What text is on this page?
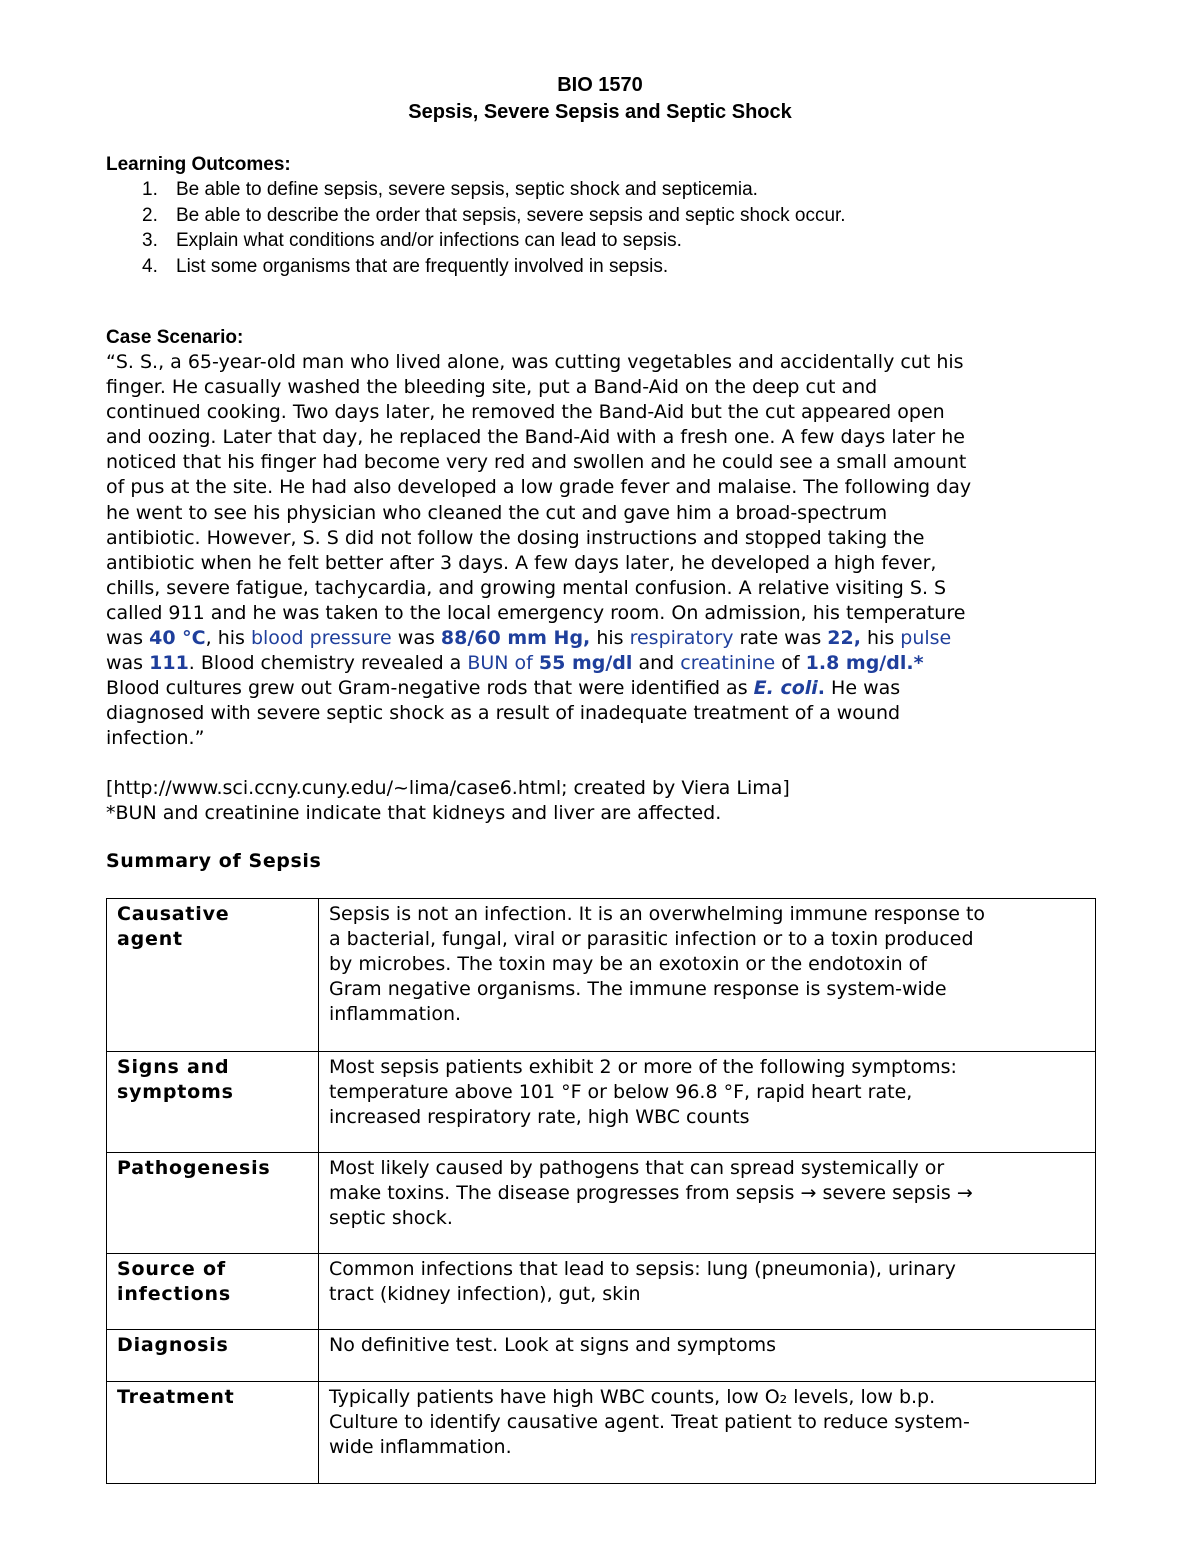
BIO 1570
Sepsis, Severe Sepsis and Septic Shock
Learning Outcomes:
1. Be able to define sepsis, severe sepsis, septic shock and septicemia.
2. Be able to describe the order that sepsis, severe sepsis and septic shock occur.
3. Explain what conditions and/or infections can lead to sepsis.
4. List some organisms that are frequently involved in sepsis.
Case Scenario:
“S. S., a 65-year-old man who lived alone, was cutting vegetables and accidentally cut his
finger. He casually washed the bleeding site, put a Band-Aid on the deep cut and
continued cooking. Two days later, he removed the Band-Aid but the cut appeared open
and oozing. Later that day, he replaced the Band-Aid with a fresh one. A few days later he
noticed that his finger had become very red and swollen and he could see a small amount
of pus at the site. He had also developed a low grade fever and malaise. The following day
he went to see his physician who cleaned the cut and gave him a broad-spectrum
antibiotic. However, S. S did not follow the dosing instructions and stopped taking the
antibiotic when he felt better after 3 days. A few days later, he developed a high fever,
chills, severe fatigue, tachycardia, and growing mental confusion. A relative visiting S. S
called 911 and he was taken to the local emergency room. On admission, his temperature
was 40 °C, his blood pressure was 88/60 mm Hg, his respiratory rate was 22, his pulse
was 111. Blood chemistry revealed a BUN of 55 mg/dl and creatinine of 1.8 mg/dl.*
Blood cultures grew out Gram-negative rods that were identified as E. coli. He was
diagnosed with severe septic shock as a result of inadequate treatment of a wound
infection.”
[http://www.sci.ccny.cuny.edu/~lima/case6.html; created by Viera Lima]
*BUN and creatinine indicate that kidneys and liver are affected.
Summary of Sepsis
Causative
agent	Sepsis is not an infection. It is an overwhelming immune response to
a bacterial, fungal, viral or parasitic infection or to a toxin produced
by microbes. The toxin may be an exotoxin or the endotoxin of
Gram negative organisms. The immune response is system-wide
inflammation.

Signs and
symptoms	Most sepsis patients exhibit 2 or more of the following symptoms:
temperature above 101 °F or below 96.8 °F, rapid heart rate,
increased respiratory rate, high WBC counts

Pathogenesis	Most likely caused by pathogens that can spread systemically or
make toxins. The disease progresses from sepsis → severe sepsis →
septic shock.

Source of
infections	Common infections that lead to sepsis: lung (pneumonia), urinary
tract (kidney infection), gut, skin

Diagnosis	No definitive test. Look at signs and symptoms

Treatment	Typically patients have high WBC counts, low O₂ levels, low b.p.
Culture to identify causative agent. Treat patient to reduce system-
wide inflammation.
